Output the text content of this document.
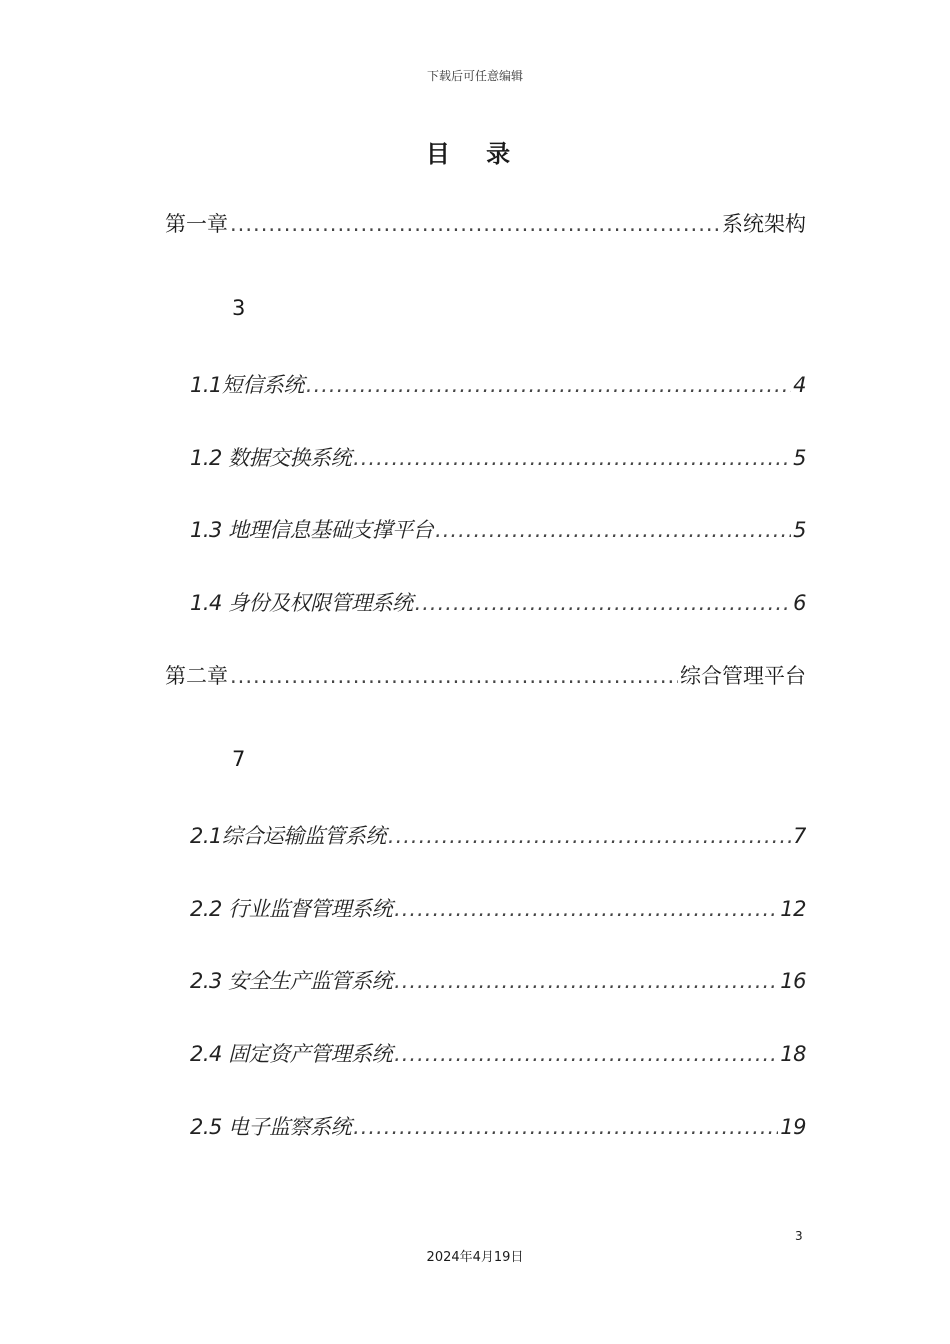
下载后可任意编辑
目 录
第一章 .....	系统架构
3
1.1短信系统 .....	4
1.2 数据交换系统 .....	5
1.3 地理信息基础支撑平台 .....	5
1.4 身份及权限管理系统 .....	6
第二章 .....	综合管理平台
7
2.1综合运输监管系统 .....	7
2.2 行业监督管理系统 .....	12
2.3 安全生产监管系统 .....	16
2.4 固定资产管理系统 .....	18
2.5 电子监察系统 .....	19
3
2024年4月19日
